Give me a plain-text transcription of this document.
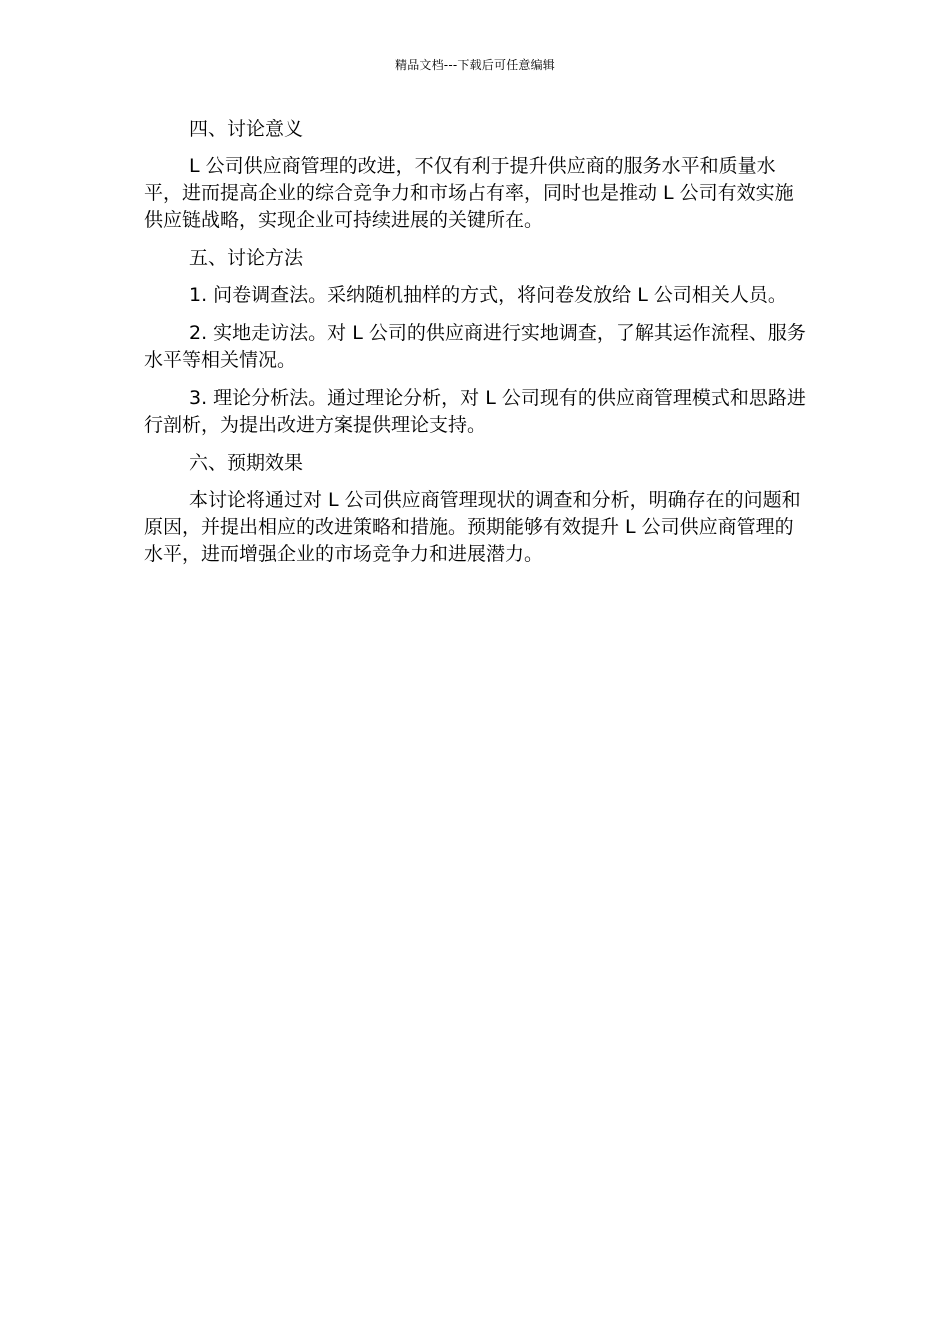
精品文档---下载后可任意编辑

四、讨论意义

L 公司供应商管理的改进，不仅有利于提升供应商的服务水平和质量水平，进而提高企业的综合竞争力和市场占有率，同时也是推动 L 公司有效实施供应链战略，实现企业可持续进展的关键所在。

五、讨论方法

1. 问卷调查法。采纳随机抽样的方式，将问卷发放给 L 公司相关人员。

2. 实地走访法。对 L 公司的供应商进行实地调查，了解其运作流程、服务水平等相关情况。

3. 理论分析法。通过理论分析，对 L 公司现有的供应商管理模式和思路进行剖析，为提出改进方案提供理论支持。

六、预期效果

本讨论将通过对 L 公司供应商管理现状的调查和分析，明确存在的问题和原因，并提出相应的改进策略和措施。预期能够有效提升 L 公司供应商管理的水平，进而增强企业的市场竞争力和进展潜力。
